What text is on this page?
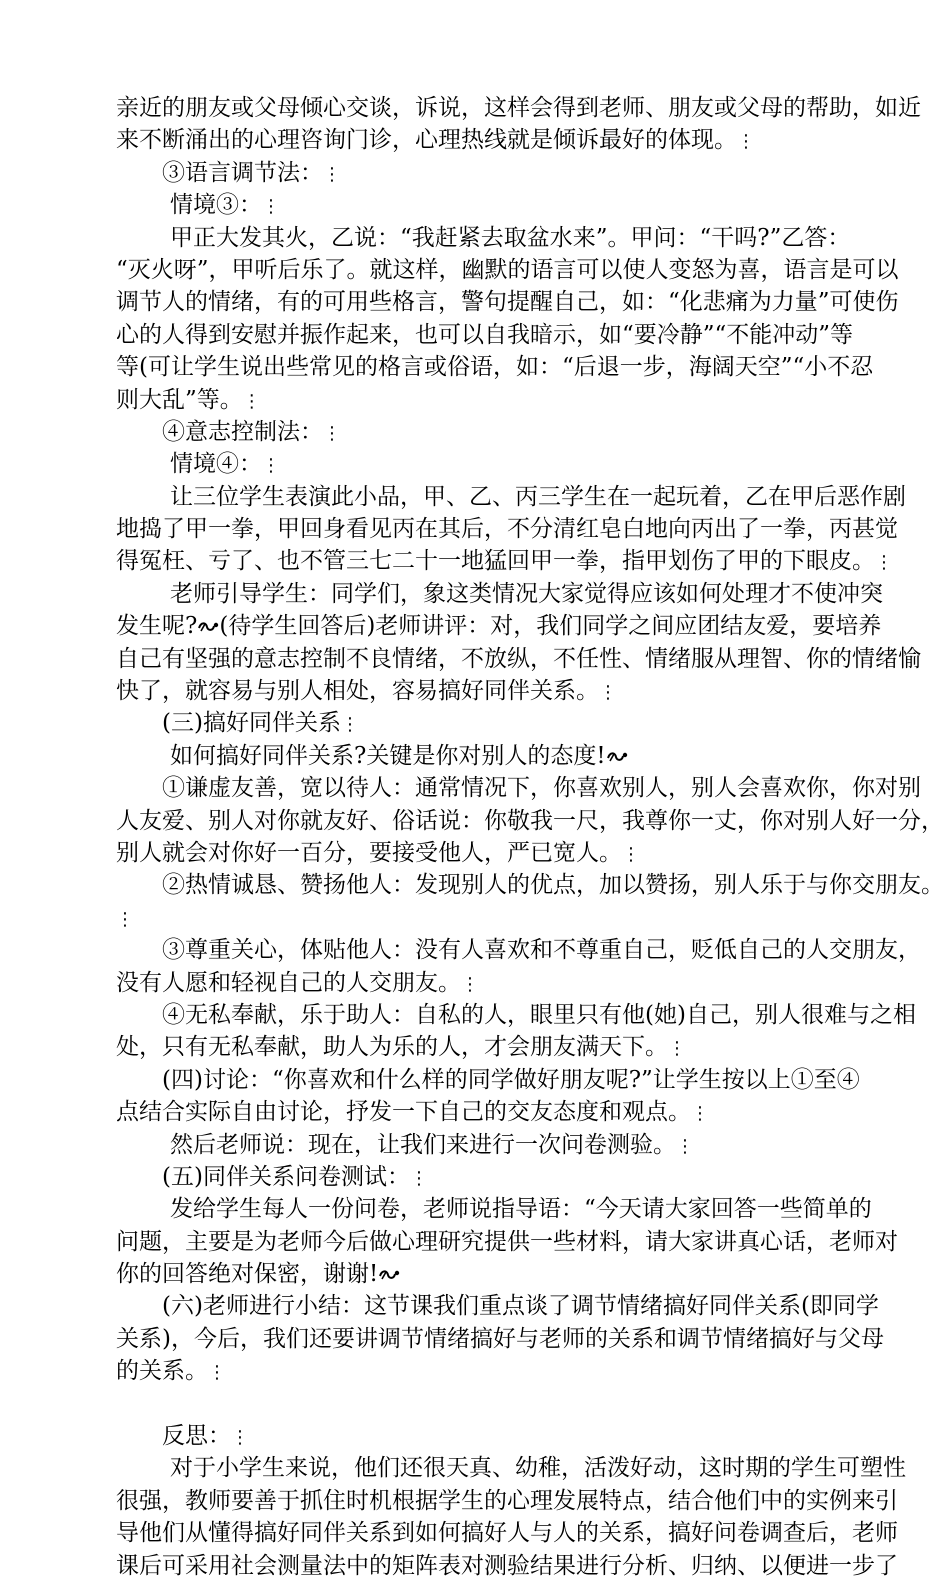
亲近的朋友或父母倾心交谈，诉说，这样会得到老师、朋友或父母的帮助，如近
来不断涌出的心理咨询门诊，心理热线就是倾诉最好的体现。⋮
③语言调节法：⋮
情境③：⋮
甲正大发其火，乙说：“我赶紧去取盆水来”。甲问：“干吗?”乙答：
“灭火呀”，甲听后乐了。就这样，幽默的语言可以使人变怒为喜，语言是可以
调节人的情绪，有的可用些格言，警句提醒自己，如：“化悲痛为力量”可使伤
心的人得到安慰并振作起来，也可以自我暗示，如“要冷静”“不能冲动”等
等(可让学生说出些常见的格言或俗语，如：“后退一步，海阔天空”“小不忍
则大乱”等。⋮
④意志控制法：⋮
情境④：⋮
让三位学生表演此小品，甲、乙、丙三学生在一起玩着，乙在甲后恶作剧
地捣了甲一拳，甲回身看见丙在其后，不分清红皂白地向丙出了一拳，丙甚觉
得冤枉、亏了、也不管三七二十一地猛回甲一拳，指甲划伤了甲的下眼皮。⋮
老师引导学生：同学们，象这类情况大家觉得应该如何处理才不使冲突
发生呢? (待学生回答后)老师讲评：对，我们同学之间应团结友爱，要培养
自己有坚强的意志控制不良情绪，不放纵，不任性、情绪服从理智、你的情绪愉
快了，就容易与别人相处，容易搞好同伴关系。⋮
(三)搞好同伴关系⋮
如何搞好同伴关系?关键是你对别人的态度!
①谦虚友善，宽以待人：通常情况下，你喜欢别人，别人会喜欢你，你对别
人友爱、别人对你就友好、俗话说：你敬我一尺，我尊你一丈，你对别人好一分，
别人就会对你好一百分，要接受他人，严已宽人。⋮
②热情诚恳、赞扬他人：发现别人的优点，加以赞扬，别人乐于与你交朋友。
⋮
③尊重关心，体贴他人：没有人喜欢和不尊重自己，贬低自己的人交朋友，
没有人愿和轻视自己的人交朋友。⋮
④无私奉献，乐于助人：自私的人，眼里只有他(她)自己，别人很难与之相
处，只有无私奉献，助人为乐的人，才会朋友满天下。⋮
(四)讨论：“你喜欢和什么样的同学做好朋友呢?”让学生按以上①至④
点结合实际自由讨论，抒发一下自己的交友态度和观点。⋮
然后老师说：现在，让我们来进行一次问卷测验。⋮
(五)同伴关系问卷测试：⋮
发给学生每人一份问卷，老师说指导语：“今天请大家回答一些简单的
问题，主要是为老师今后做心理研究提供一些材料，请大家讲真心话，老师对
你的回答绝对保密，谢谢!
(六)老师进行小结：这节课我们重点谈了调节情绪搞好同伴关系(即同学
关系)，今后，我们还要讲调节情绪搞好与老师的关系和调节情绪搞好与父母
的关系。⋮
反思：⋮
对于小学生来说，他们还很天真、幼稚，活泼好动，这时期的学生可塑性
很强，教师要善于抓住时机根据学生的心理发展特点，结合他们中的实例来引
导他们从懂得搞好同伴关系到如何搞好人与人的关系，搞好问卷调查后，老师
课后可采用社会测量法中的矩阵表对测验结果进行分析、归纳、以便进一步了
